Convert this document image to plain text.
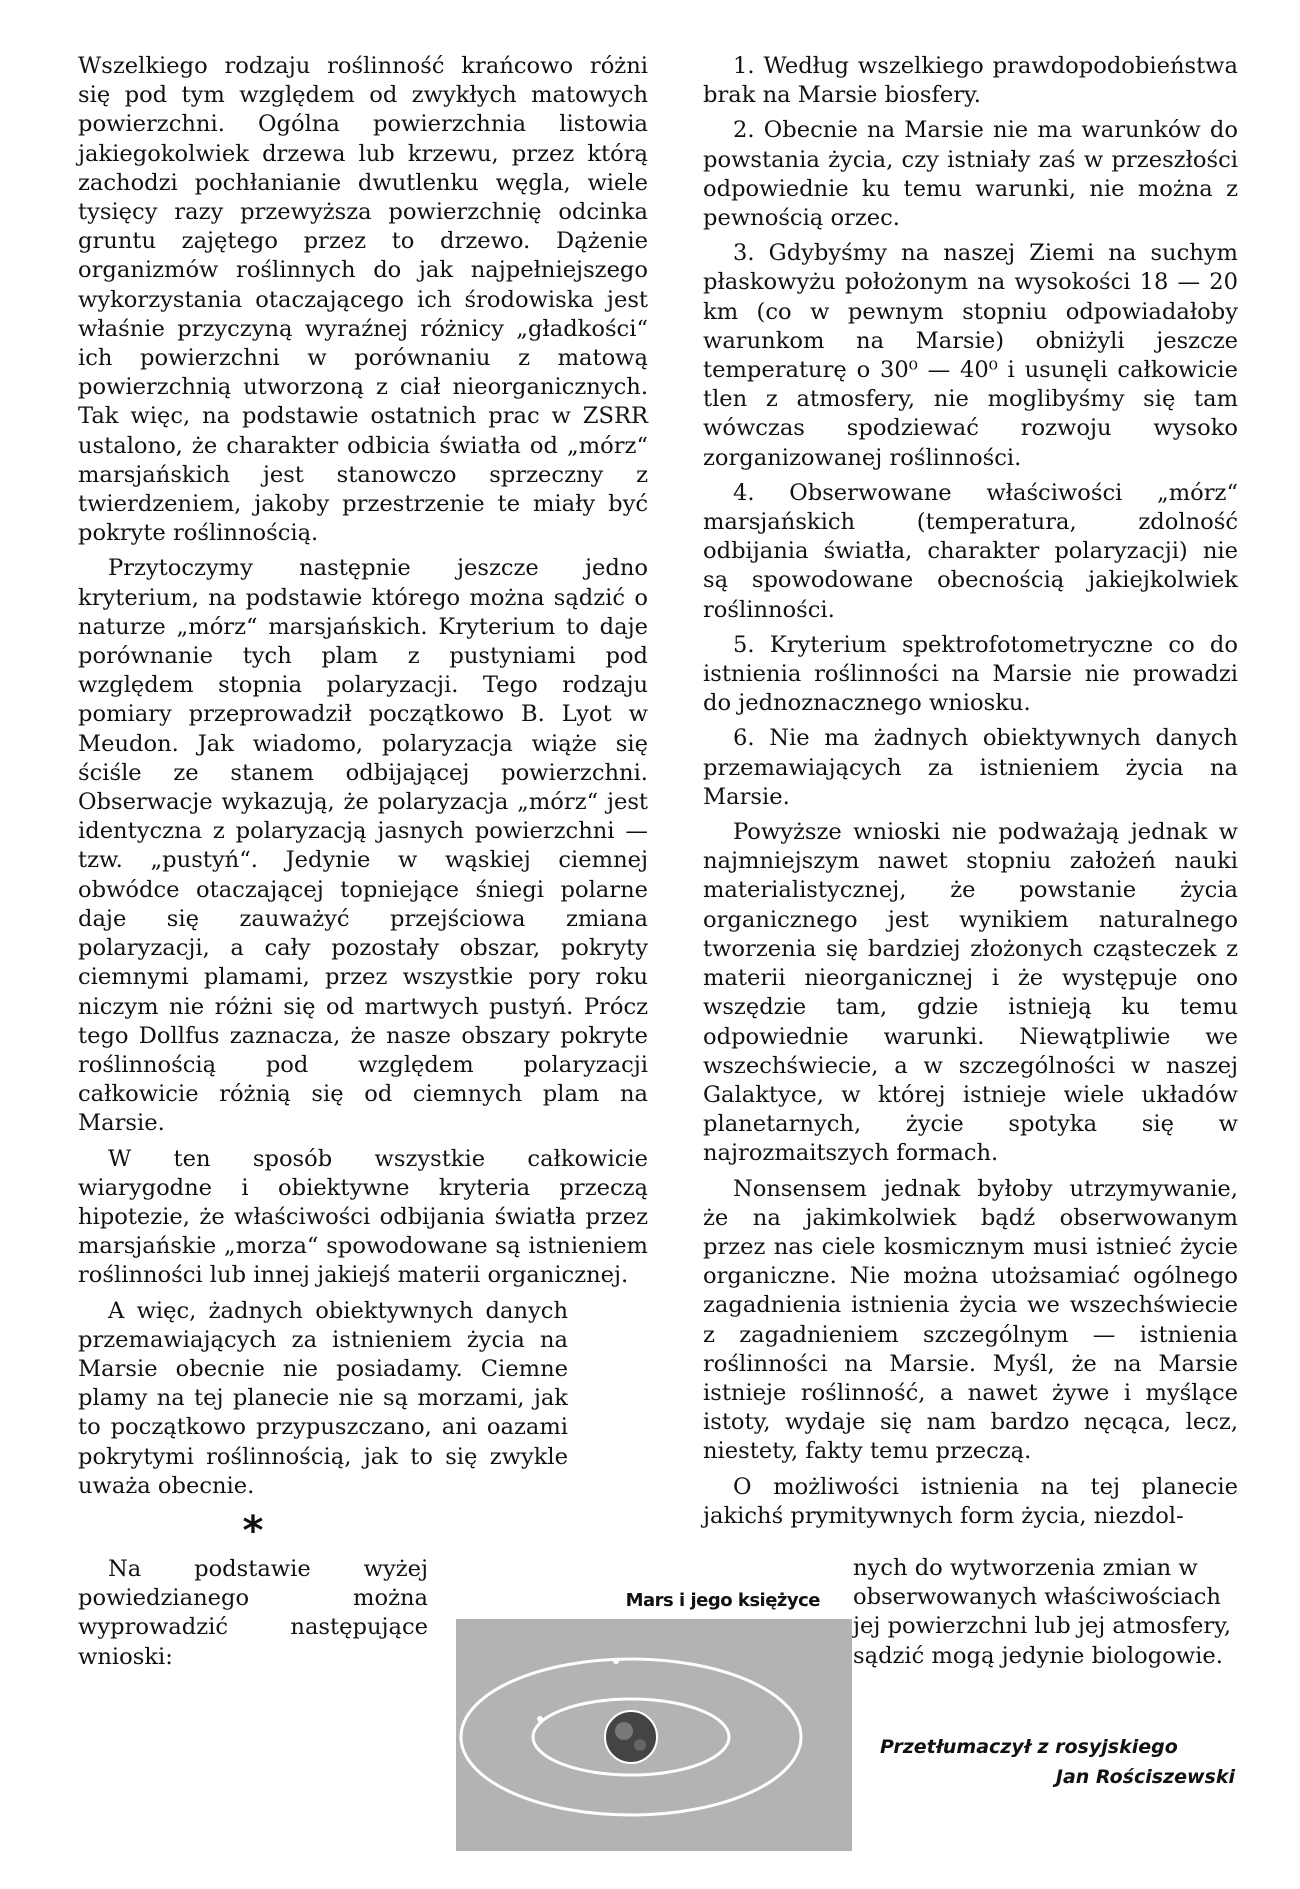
Wszelkiego rodzaju roślinność krańcowo różni się pod tym względem od zwykłych matowych powierzchni. Ogólna powierzchnia listowia jakiegokolwiek drzewa lub krzewu, przez którą zachodzi pochłanianie dwutlenku węgla, wiele tysięcy razy przewyższa powierzchnię odcinka gruntu zajętego przez to drzewo. Dążenie organizmów roślinnych do jak najpełniejszego wykorzystania otaczającego ich środowiska jest właśnie przyczyną wyraźnej różnicy „gładkości“ ich powierzchni w porównaniu z matową powierzchnią utworzoną z ciał nieorganicznych. Tak więc, na podstawie ostatnich prac w ZSRR ustalono, że charakter odbicia światła od „mórz“ marsjańskich jest stanowczo sprzeczny z twierdzeniem, jakoby przestrzenie te miały być pokryte roślinnością.

Przytoczymy następnie jeszcze jedno kryterium, na podstawie którego można sądzić o naturze „mórz“ marsjańskich. Kryterium to daje porównanie tych plam z pustyniami pod względem stopnia polaryzacji. Tego rodzaju pomiary przeprowadził początkowo B. Lyot w Meudon. Jak wiadomo, polaryzacja wiąże się ściśle ze stanem odbijającej powierzchni. Obserwacje wykazują, że polaryzacja „mórz“ jest identyczna z polaryzacją jasnych powierzchni — tzw. „pustyń“. Jedynie w wąskiej ciemnej obwódce otaczającej topniejące śniegi polarne daje się zauważyć przejściowa zmiana polaryzacji, a cały pozostały obszar, pokryty ciemnymi plamami, przez wszystkie pory roku niczym nie różni się od martwych pustyń. Prócz tego Dollfus zaznacza, że nasze obszary pokryte roślinnością pod względem polaryzacji całkowicie różnią się od ciemnych plam na Marsie.

W ten sposób wszystkie całkowicie wiarygodne i obiektywne kryteria przeczą hipotezie, że właściwości odbijania światła przez marsjańskie „morza“ spowodowane są istnieniem roślinności lub innej jakiejś materii organicznej.

A więc, żadnych obiektywnych danych przemawiających za istnieniem życia na Marsie obecnie nie posiadamy. Ciemne plamy na tej planecie nie są morzami, jak to początkowo przypuszczano, ani oazami pokrytymi roślinnością, jak to się zwykle uważa obecnie.

*

Na podstawie wyżej powiedzianego można wyprowadzić następujące wnioski:

1. Według wszelkiego prawdopodobieństwa brak na Marsie biosfery.

2. Obecnie na Marsie nie ma warunków do powstania życia, czy istniały zaś w przeszłości odpowiednie ku temu warunki, nie można z pewnością orzec.

3. Gdybyśmy na naszej Ziemi na suchym płaskowyżu położonym na wysokości 18 — 20 km (co w pewnym stopniu odpowiadałoby warunkom na Marsie) obniżyli jeszcze temperaturę o 30⁰ — 40⁰ i usunęli całkowicie tlen z atmosfery, nie moglibyśmy się tam wówczas spodziewać rozwoju wysoko zorganizowanej roślinności.

4. Obserwowane właściwości „mórz“ marsjańskich (temperatura, zdolność odbijania światła, charakter polaryzacji) nie są spowodowane obecnością jakiejkolwiek roślinności.

5. Kryterium spektrofotometryczne co do istnienia roślinności na Marsie nie prowadzi do jednoznacznego wniosku.

6. Nie ma żadnych obiektywnych danych przemawiających za istnieniem życia na Marsie.

Powyższe wnioski nie podważają jednak w najmniejszym nawet stopniu założeń nauki materialistycznej, że powstanie życia organicznego jest wynikiem naturalnego tworzenia się bardziej złożonych cząsteczek z materii nieorganicznej i że występuje ono wszędzie tam, gdzie istnieją ku temu odpowiednie warunki. Niewątpliwie we wszechświecie, a w szczególności w naszej Galaktyce, w której istnieje wiele układów planetarnych, życie spotyka się w najrozmaitszych formach.

Nonsensem jednak byłoby utrzymywanie, że na jakimkolwiek bądź obserwowanym przez nas ciele kosmicznym musi istnieć życie organiczne. Nie można utożsamiać ogólnego zagadnienia istnienia życia we wszechświecie z zagadnieniem szczególnym — istnienia roślinności na Marsie. Myśl, że na Marsie istnieje roślinność, a nawet żywe i myślące istoty, wydaje się nam bardzo nęcąca, lecz, niestety, fakty temu przeczą.

O możliwości istnienia na tej planecie jakichś prymitywnych form życia, niezdol-

nych do wytworzenia zmian w obserwowanych właściwościach jej powierzchni lub jej atmosfery, sądzić mogą jedynie biologowie.

Mars i jego księżyce
Przetłumaczył z rosyjskiego
Jan Rościszewski
